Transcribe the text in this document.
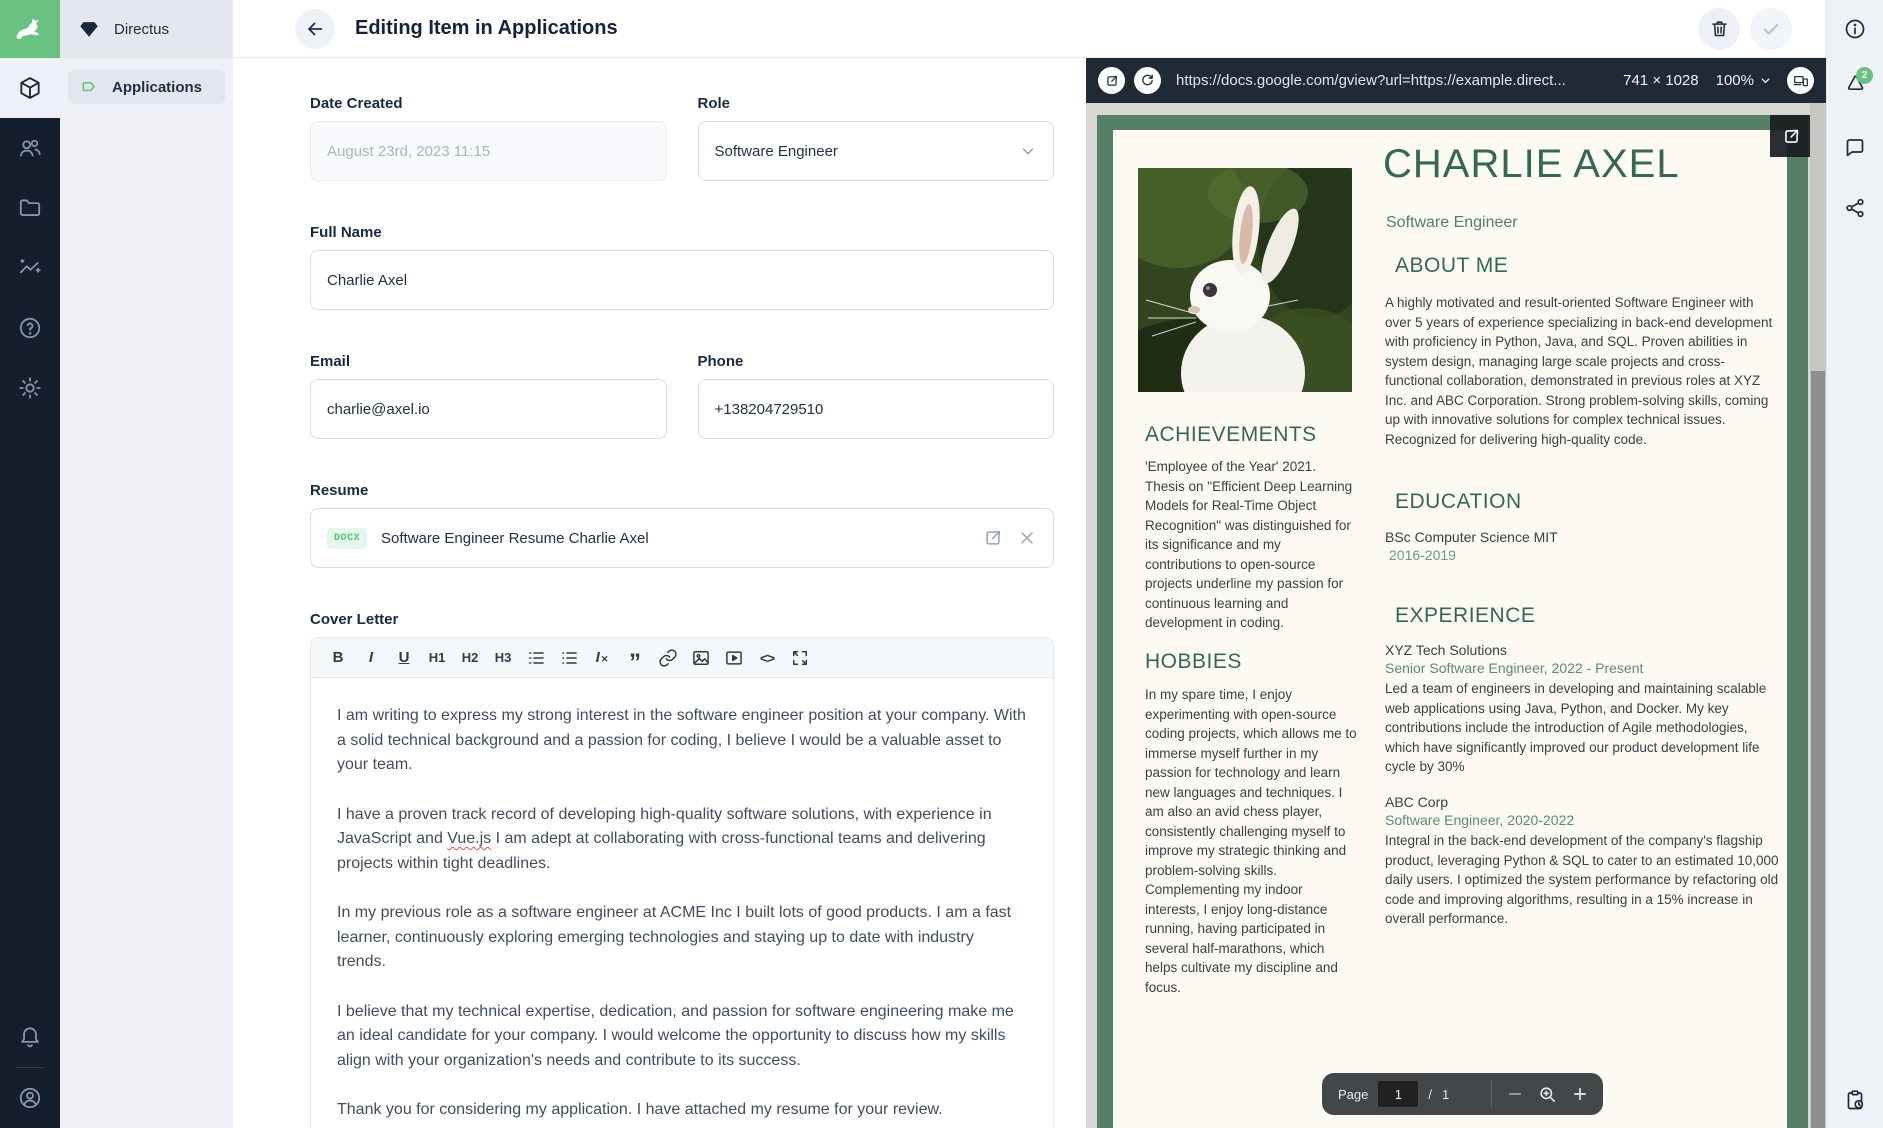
Directus
Applications
Editing Item in Applications
Date Created
August 23rd, 2023 11:15
Role
Software Engineer
Full Name
Charlie Axel
Email
charlie@axel.io
Phone
+138204729510
Resume
DOCX	Software Engineer Resume Charlie Axel
Cover Letter
B	I	U	H1	H2	H3	I✕ ”	<>

I am writing to express my strong interest in the software engineer position at your company. With a solid technical background and a passion for coding, I believe I would be a valuable asset to your team.

I have a proven track record of developing high-quality software solutions, with experience in JavaScript and Vue.js I am adept at collaborating with cross-functional teams and delivering projects within tight deadlines.

In my previous role as a software engineer at ACME Inc I built lots of good products. I am a fast learner, continuously exploring emerging technologies and staying up to date with industry trends.

I believe that my technical expertise, dedication, and passion for software engineering make me an ideal candidate for your company. I would welcome the opportunity to discuss how my skills align with your organization's needs and contribute to its success.

Thank you for considering my application. I have attached my resume for your review.

https://docs.google.com/gview?url=https://example.direct...	741 × 1028 100%
CHARLIE AXEL
Software Engineer
ABOUT ME
A highly motivated and result-oriented Software Engineer with over 5 years of experience specializing in back-end development with proficiency in Python, Java, and SQL. Proven abilities in system design, managing large scale projects and cross-functional collaboration, demonstrated in previous roles at XYZ Inc. and ABC Corporation. Strong problem-solving skills, coming up with innovative solutions for complex technical issues. Recognized for delivering high-quality code.
ACHIEVEMENTS
'Employee of the Year' 2021. Thesis on "Efficient Deep Learning Models for Real-Time Object Recognition" was distinguished for its significance and my contributions to open-source projects underline my passion for continuous learning and development in coding.
HOBBIES
In my spare time, I enjoy experimenting with open-source coding projects, which allows me to immerse myself further in my passion for technology and learn new languages and techniques. I am also an avid chess player, consistently challenging myself to improve my strategic thinking and problem-solving skills. Complementing my indoor interests, I enjoy long-distance running, having participated in several half-marathons, which helps cultivate my discipline and focus.
EDUCATION
BSc Computer Science MIT
2016-2019
EXPERIENCE
XYZ Tech Solutions
Senior Software Engineer, 2022 - Present
Led a team of engineers in developing and maintaining scalable web applications using Java, Python, and Docker. My key contributions include the introduction of Agile methodologies, which have significantly improved our product development life cycle by 30%
ABC Corp
Software Engineer, 2020-2022
Integral in the back-end development of the company's flagship product, leveraging Python & SQL to cater to an estimated 10,000 daily users. I optimized the system performance by refactoring old code and improving algorithms, resulting in a 15% increase in overall performance.
Page	1	/ 1
2
